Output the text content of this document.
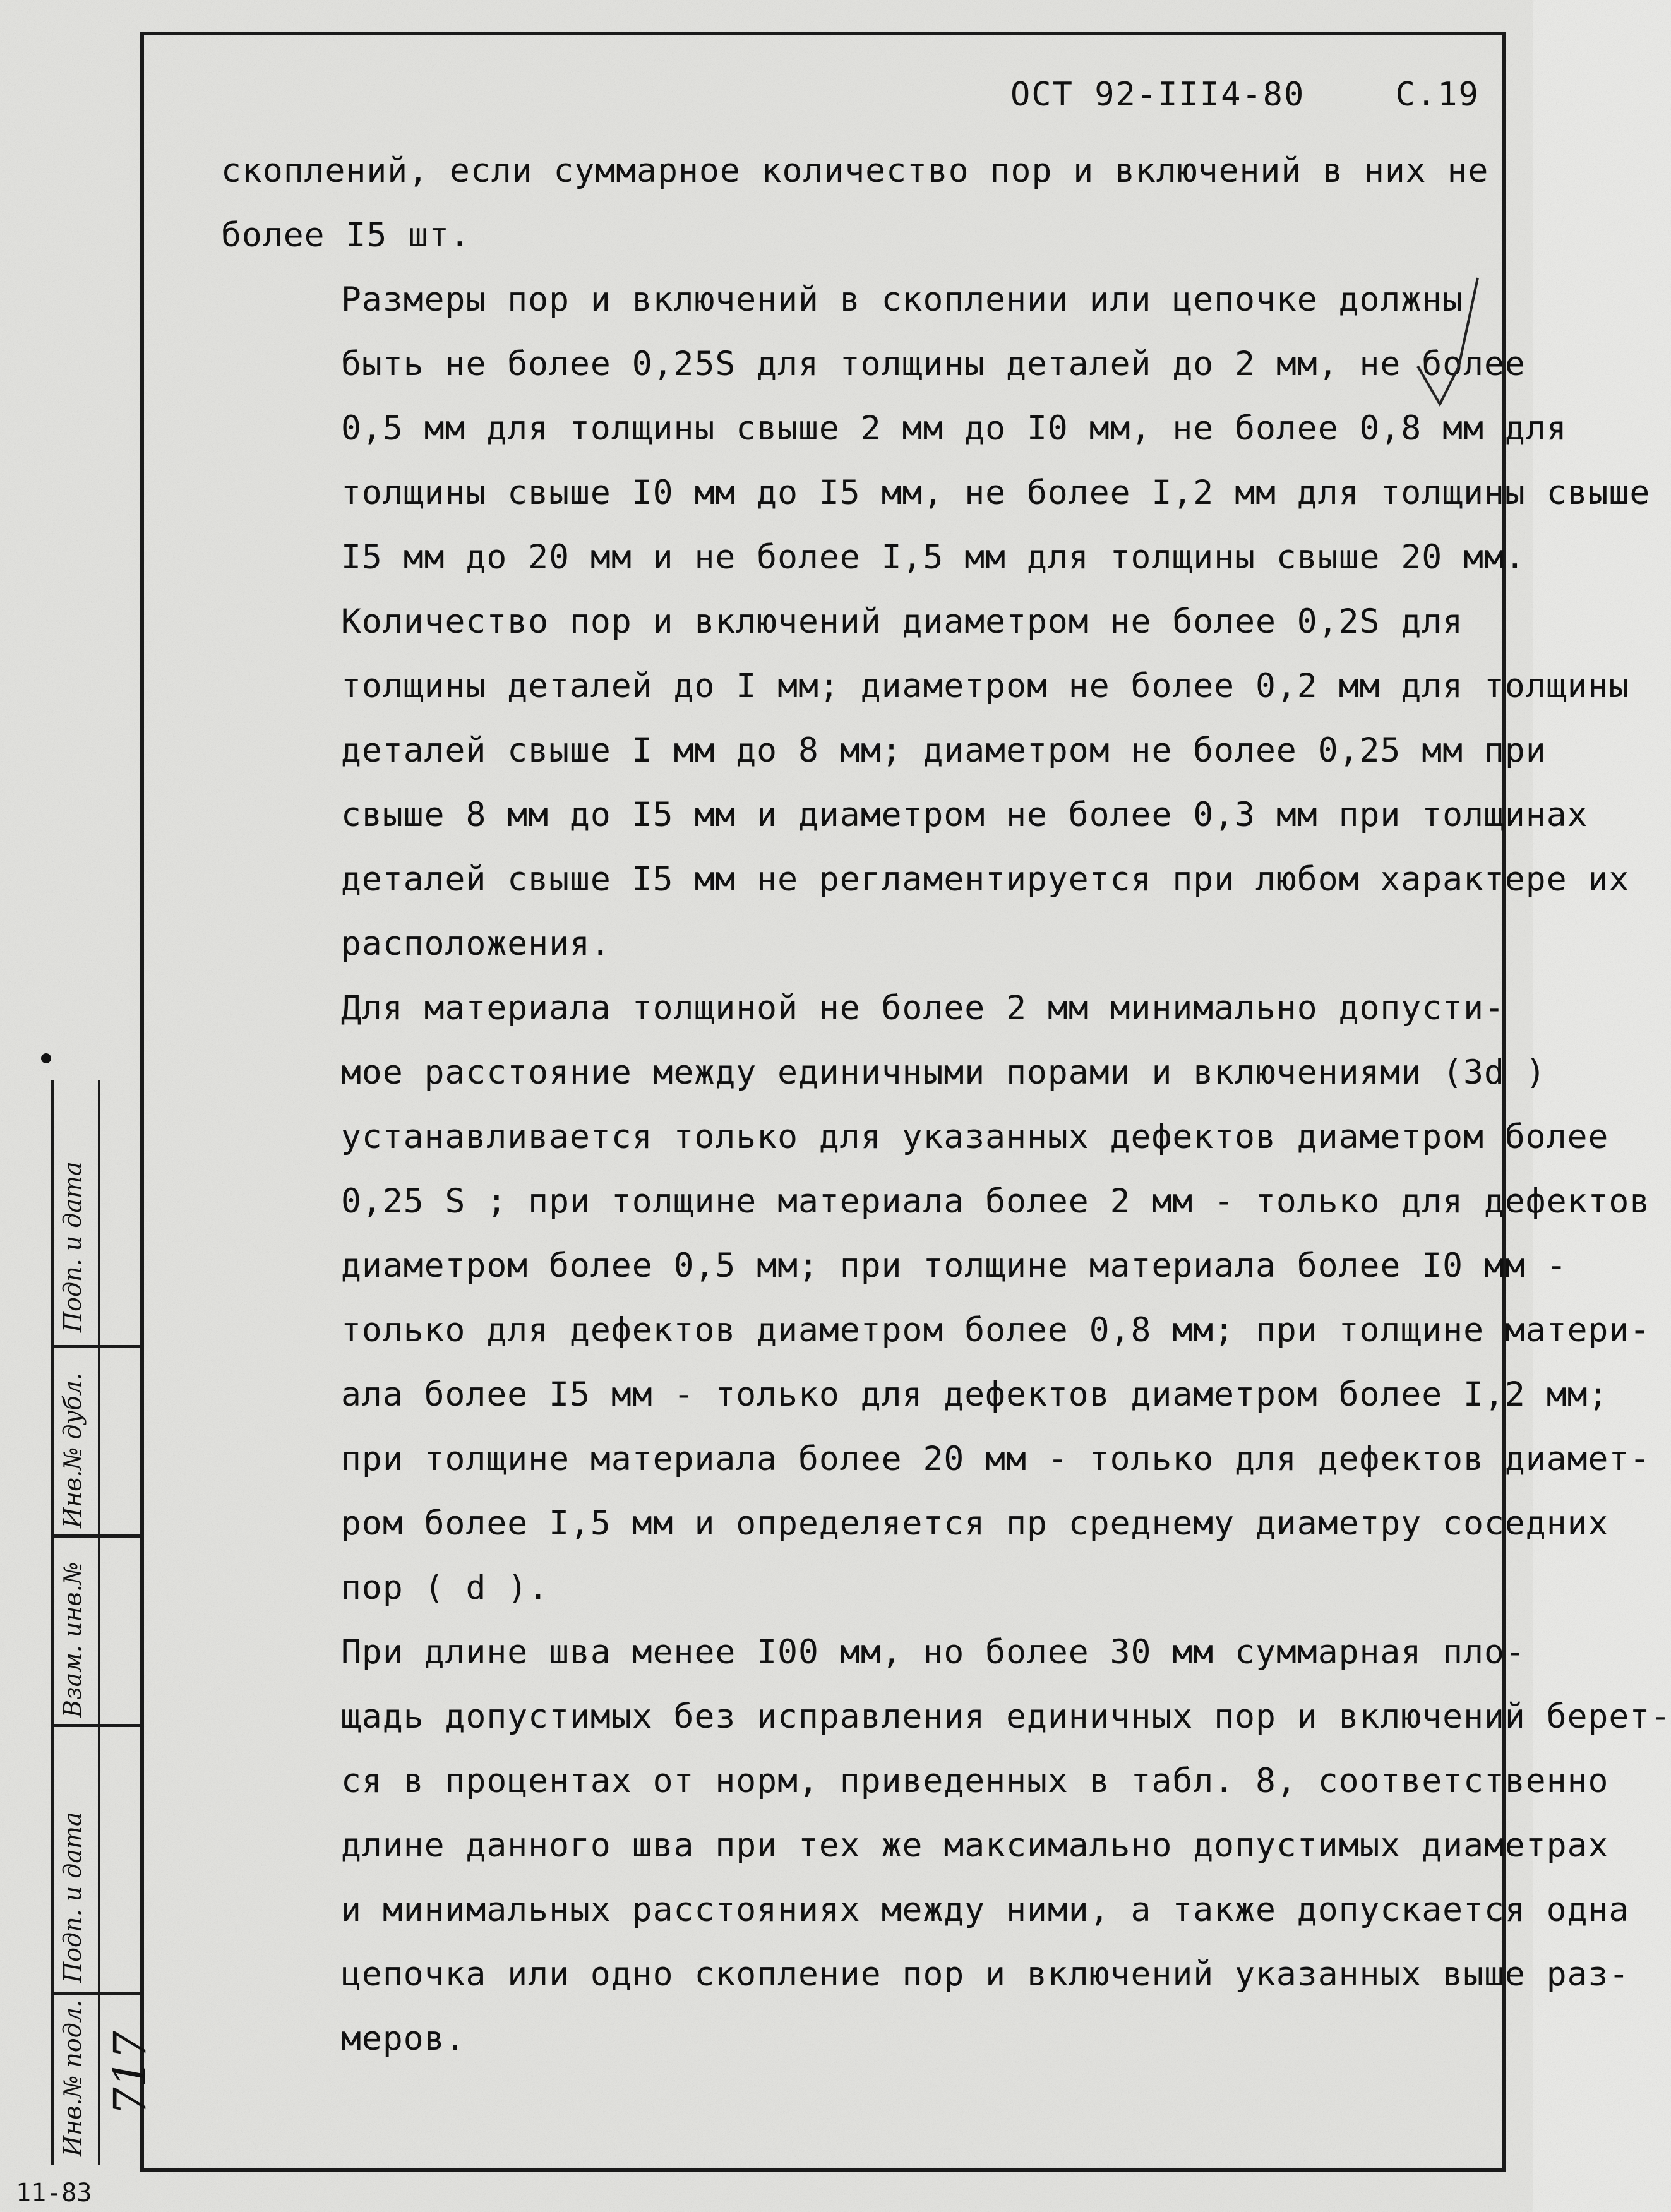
ОСТ 92-III4-80	С.19

скоплений, если суммарное количество пор и включений в них не
более I5 шт.

Размеры пор и включений в скоплении или цепочке должны
быть не более 0,25S для толщины деталей до 2 мм, не более
0,5 мм для толщины свыше 2 мм до I0 мм, не более 0,8 мм для
толщины свыше I0 мм до I5 мм, не более I,2 мм для толщины свыше
I5 мм до 20 мм и не более I,5 мм для толщины свыше 20 мм.

Количество пор и включений диаметром не более 0,2S для
толщины деталей до I мм; диаметром не более 0,2 мм для толщины
деталей свыше I мм до 8 мм; диаметром не более 0,25 мм при
свыше 8 мм до I5 мм и диаметром не более 0,3 мм при толщинах
деталей свыше I5 мм не регламентируется при любом характере их
расположения.

Для материала толщиной не более 2 мм минимально допусти-
мое расстояние между единичными порами и включениями (3d )
устанавливается только для указанных дефектов диаметром более
0,25 S ; при толщине материала более 2 мм - только для дефектов
диаметром более 0,5 мм; при толщине материала более I0 мм -
только для дефектов диаметром более 0,8 мм; при толщине матери-
ала более I5 мм - только для дефектов диаметром более I,2 мм;
при толщине материала более 20 мм - только для дефектов диамет-
ром более I,5 мм и определяется пр среднему диаметру соседних
пор ( d ).

При длине шва менее I00 мм, но более 30 мм суммарная пло-
щадь допустимых без исправления единичных пор и включений берет-
ся в процентах от норм, приведенных в табл. 8, соответственно
длине данного шва при тех же максимально допустимых диаметрах
и минимальных расстояниях между ними, а также допускается одна
цепочка или одно скопление пор и включений указанных выше раз-
меров.

Подп. и дата
Инв.№ дубл.
Взам. инв.№
Подп. и дата
Инв.№ подл. 717
11-83
